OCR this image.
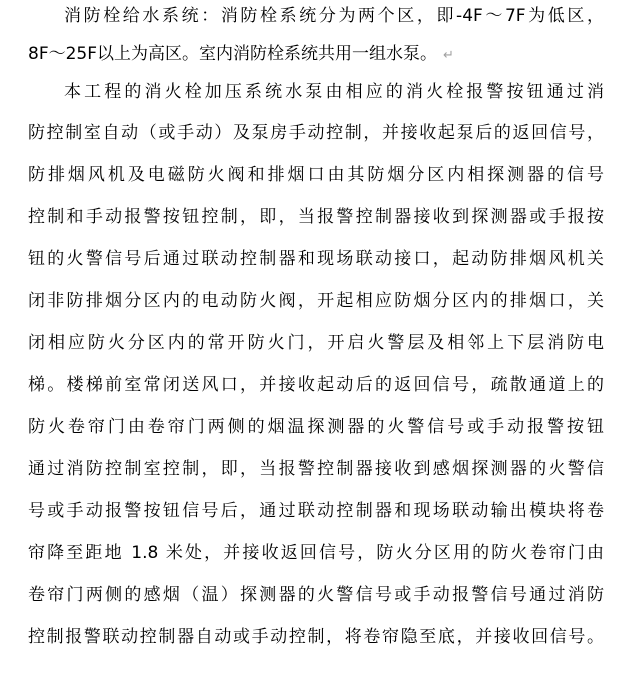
消防栓给水系统：消防栓系统分为两个区，即-4F～7F为低区，
8F～25F以上为高区。室内消防栓系统共用一组水泵。 ↵
本工程的消火栓加压系统水泵由相应的消火栓报警按钮通过消
防控制室自动（或手动）及泵房手动控制，并接收起泵后的返回信号，
防排烟风机及电磁防火阀和排烟口由其防烟分区内相探测器的信号
控制和手动报警按钮控制，即，当报警控制器接收到探测器或手报按
钮的火警信号后通过联动控制器和现场联动接口，起动防排烟风机关
闭非防排烟分区内的电动防火阀，开起相应防烟分区内的排烟口，关
闭相应防火分区内的常开防火门，开启火警层及相邻上下层消防电
梯。楼梯前室常闭送风口，并接收起动后的返回信号，疏散通道上的
防火卷帘门由卷帘门两侧的烟温探测器的火警信号或手动报警按钮
通过消防控制室控制，即，当报警控制器接收到感烟探测器的火警信
号或手动报警按钮信号后，通过联动控制器和现场联动输出模块将卷
帘降至距地 1.8 米处，并接收返回信号，防火分区用的防火卷帘门由
卷帘门两侧的感烟（温）探测器的火警信号或手动报警信号通过消防
控制报警联动控制器自动或手动控制，将卷帘隐至底，并接收回信号。
